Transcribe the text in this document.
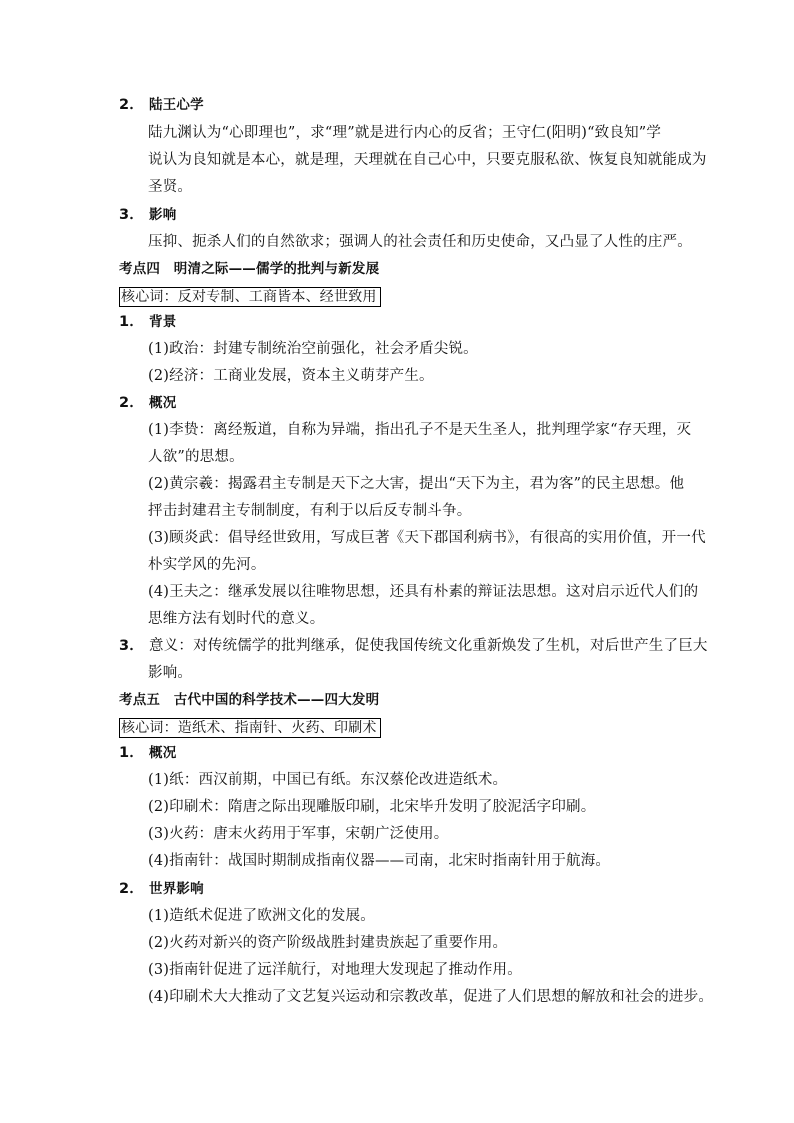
2． 陆王心学
陆九渊认为“心即理也”，求“理”就是进行内心的反省；王守仁(阳明)“致良知”学
说认为良知就是本心，就是理，天理就在自己心中，只要克服私欲、恢复良知就能成为
圣贤。
3． 影响
压抑、扼杀人们的自然欲求；强调人的社会责任和历史使命，又凸显了人性的庄严。
考点四　明清之际——儒学的批判与新发展
核心词：反对专制、工商皆本、经世致用
1． 背景
(1)政治：封建专制统治空前强化，社会矛盾尖锐。
(2)经济：工商业发展，资本主义萌芽产生。
2． 概况
(1)李贽：离经叛道，自称为异端，指出孔子不是天生圣人，批判理学家“存天理，灭
人欲”的思想。
(2)黄宗羲：揭露君主专制是天下之大害，提出“天下为主，君为客”的民主思想。他
抨击封建君主专制制度，有利于以后反专制斗争。
(3)顾炎武：倡导经世致用，写成巨著《天下郡国利病书》，有很高的实用价值，开一代
朴实学风的先河。
(4)王夫之：继承发展以往唯物思想，还具有朴素的辩证法思想。这对启示近代人们的
思维方法有划时代的意义。
3． 意义：对传统儒学的批判继承，促使我国传统文化重新焕发了生机，对后世产生了巨大
影响。
考点五　古代中国的科学技术——四大发明
核心词：造纸术、指南针、火药、印刷术
1． 概况
(1)纸：西汉前期，中国已有纸。东汉蔡伦改进造纸术。
(2)印刷术：隋唐之际出现雕版印刷，北宋毕升发明了胶泥活字印刷。
(3)火药：唐末火药用于军事，宋朝广泛使用。
(4)指南针：战国时期制成指南仪器——司南，北宋时指南针用于航海。
2． 世界影响
(1)造纸术促进了欧洲文化的发展。
(2)火药对新兴的资产阶级战胜封建贵族起了重要作用。
(3)指南针促进了远洋航行，对地理大发现起了推动作用。
(4)印刷术大大推动了文艺复兴运动和宗教改革，促进了人们思想的解放和社会的进步。
